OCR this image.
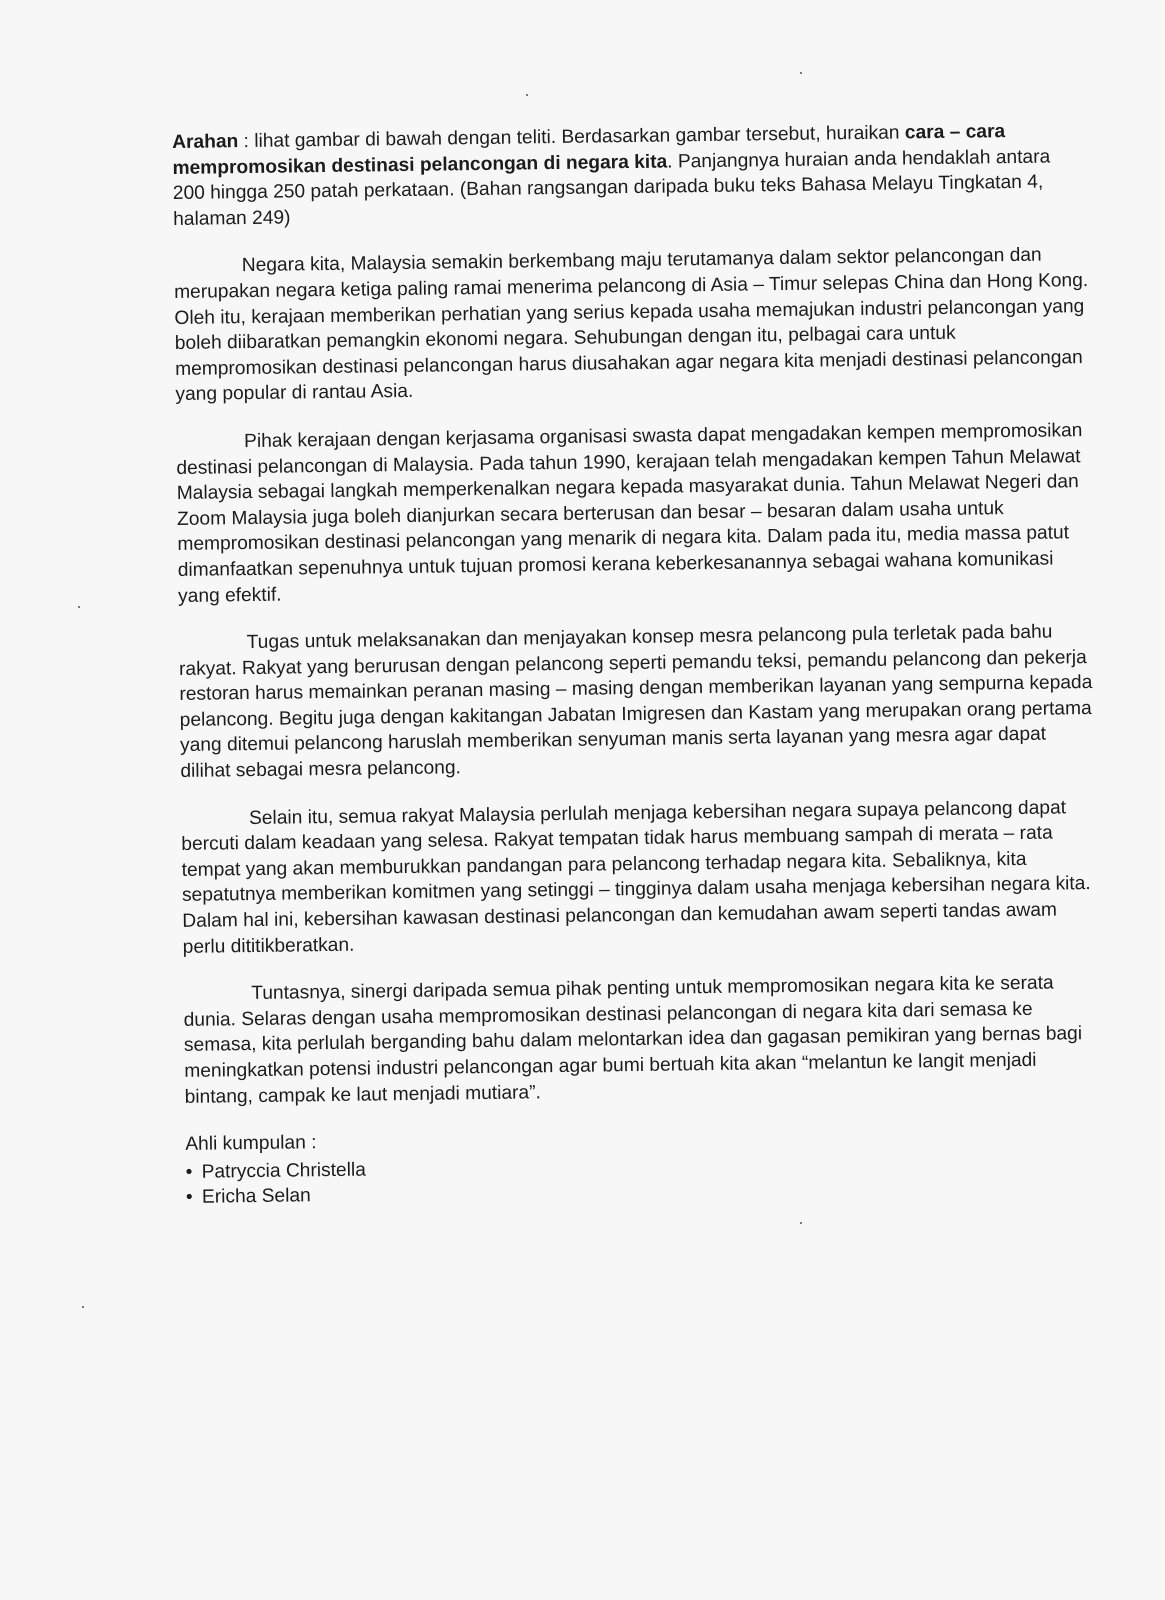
Arahan : lihat gambar di bawah dengan teliti. Berdasarkan gambar tersebut, huraikan cara – cara mempromosikan destinasi pelancongan di negara kita. Panjangnya huraian anda hendaklah antara 200 hingga 250 patah perkataan. (Bahan rangsangan daripada buku teks Bahasa Melayu Tingkatan 4, halaman 249)

Negara kita, Malaysia semakin berkembang maju terutamanya dalam sektor pelancongan dan merupakan negara ketiga paling ramai menerima pelancong di Asia – Timur selepas China dan Hong Kong. Oleh itu, kerajaan memberikan perhatian yang serius kepada usaha memajukan industri pelancongan yang boleh diibaratkan pemangkin ekonomi negara. Sehubungan dengan itu, pelbagai cara untuk mempromosikan destinasi pelancongan harus diusahakan agar negara kita menjadi destinasi pelancongan yang popular di rantau Asia.

Pihak kerajaan dengan kerjasama organisasi swasta dapat mengadakan kempen mempromosikan destinasi pelancongan di Malaysia. Pada tahun 1990, kerajaan telah mengadakan kempen Tahun Melawat Malaysia sebagai langkah memperkenalkan negara kepada masyarakat dunia. Tahun Melawat Negeri dan Zoom Malaysia juga boleh dianjurkan secara berterusan dan besar – besaran dalam usaha untuk mempromosikan destinasi pelancongan yang menarik di negara kita. Dalam pada itu, media massa patut dimanfaatkan sepenuhnya untuk tujuan promosi kerana keberkesanannya sebagai wahana komunikasi yang efektif.

Tugas untuk melaksanakan dan menjayakan konsep mesra pelancong pula terletak pada bahu rakyat. Rakyat yang berurusan dengan pelancong seperti pemandu teksi, pemandu pelancong dan pekerja restoran harus memainkan peranan masing – masing dengan memberikan layanan yang sempurna kepada pelancong. Begitu juga dengan kakitangan Jabatan Imigresen dan Kastam yang merupakan orang pertama yang ditemui pelancong haruslah memberikan senyuman manis serta layanan yang mesra agar dapat dilihat sebagai mesra pelancong.

Selain itu, semua rakyat Malaysia perlulah menjaga kebersihan negara supaya pelancong dapat bercuti dalam keadaan yang selesa. Rakyat tempatan tidak harus membuang sampah di merata – rata tempat yang akan memburukkan pandangan para pelancong terhadap negara kita. Sebaliknya, kita sepatutnya memberikan komitmen yang setinggi – tingginya dalam usaha menjaga kebersihan negara kita. Dalam hal ini, kebersihan kawasan destinasi pelancongan dan kemudahan awam seperti tandas awam perlu dititikberatkan.

Tuntasnya, sinergi daripada semua pihak penting untuk mempromosikan negara kita ke serata dunia. Selaras dengan usaha mempromosikan destinasi pelancongan di negara kita dari semasa ke semasa, kita perlulah berganding bahu dalam melontarkan idea dan gagasan pemikiran yang bernas bagi meningkatkan potensi industri pelancongan agar bumi bertuah kita akan “melantun ke langit menjadi bintang, campak ke laut menjadi mutiara”.

Ahli kumpulan :

• Patryccia Christella
• Ericha Selan
